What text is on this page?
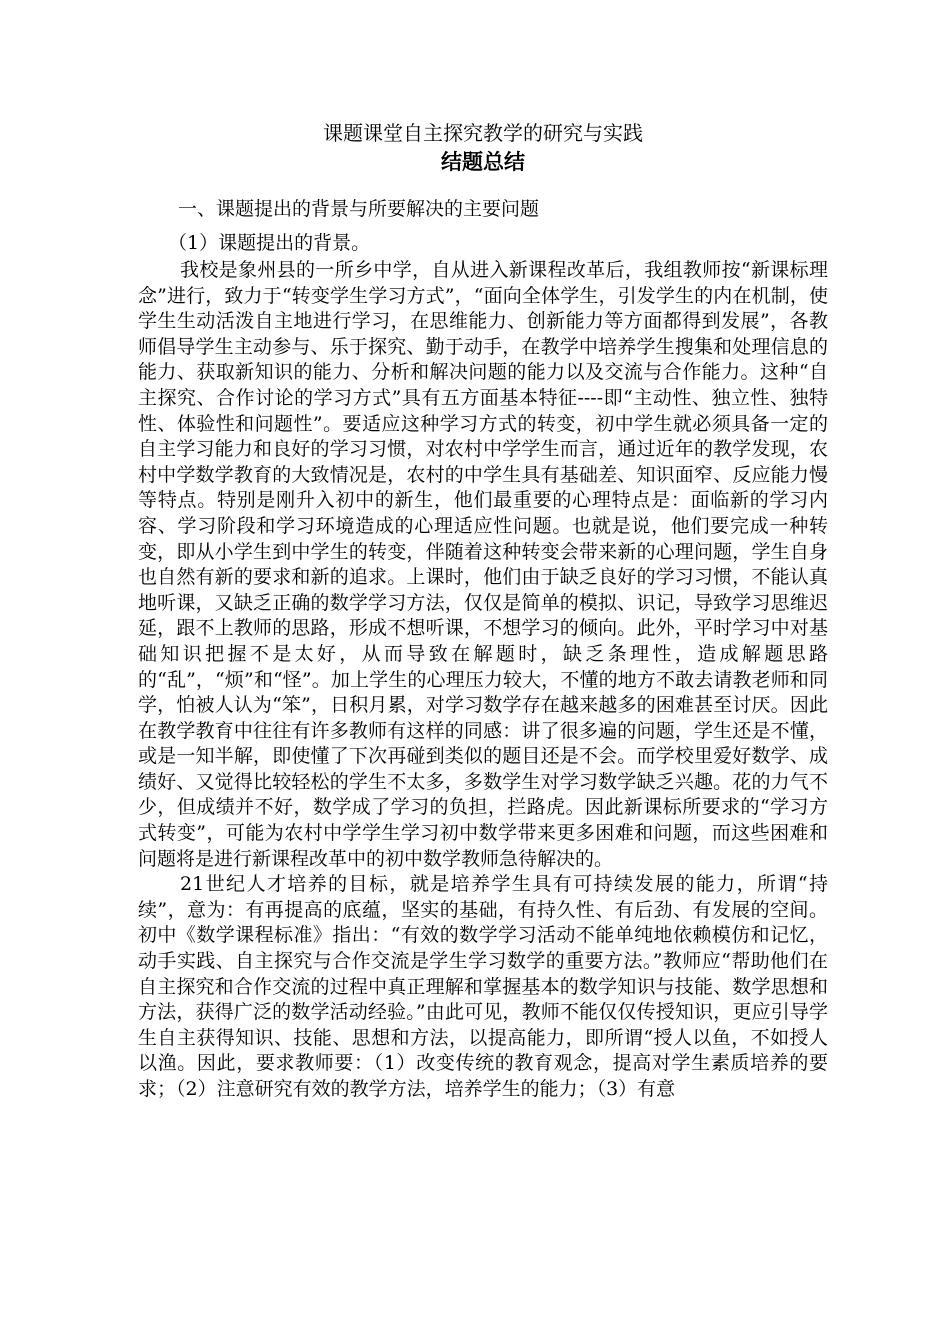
课题课堂自主探究教学的研究与实践
结题总结
一、课题提出的背景与所要解决的主要问题
（1）课题提出的背景。

我校是象州县的一所乡中学，自从进入新课程改革后，我组教师按“新课标理念”进行，致力于“转变学生学习方式”，“面向全体学生，引发学生的内在机制，使学生生动活泼自主地进行学习，在思维能力、创新能力等方面都得到发展”，各教师倡导学生主动参与、乐于探究、勤于动手，在教学中培养学生搜集和处理信息的能力、获取新知识的能力、分析和解决问题的能力以及交流与合作能力。这种“自主探究、合作讨论的学习方式”具有五方面基本特征----即“主动性、独立性、独特性、体验性和问题性”。要适应这种学习方式的转变，初中学生就必须具备一定的自主学习能力和良好的学习习惯，对农村中学学生而言，通过近年的教学发现，农村中学数学教育的大致情况是，农村的中学生具有基础差、知识面窄、反应能力慢等特点。特别是刚升入初中的新生，他们最重要的心理特点是：面临新的学习内容、学习阶段和学习环境造成的心理适应性问题。也就是说，他们要完成一种转变，即从小学生到中学生的转变，伴随着这种转变会带来新的心理问题，学生自身也自然有新的要求和新的追求。上课时，他们由于缺乏良好的学习习惯，不能认真地听课，又缺乏正确的数学学习方法，仅仅是简单的模拟、识记，导致学习思维迟延，跟不上教师的思路，形成不想听课，不想学习的倾向。此外，平时学习中对基础知识把握不是太好，从而导致在解题时，缺乏条理性，造成解题思路的“乱”，“烦”和“怪”。加上学生的心理压力较大，不懂的地方不敢去请教老师和同学，怕被人认为“笨”，日积月累，对学习数学存在越来越多的困难甚至讨厌。因此在教学教育中往往有许多教师有这样的同感：讲了很多遍的问题，学生还是不懂，或是一知半解，即使懂了下次再碰到类似的题目还是不会。而学校里爱好数学、成绩好、又觉得比较轻松的学生不太多，多数学生对学习数学缺乏兴趣。花的力气不少，但成绩并不好，数学成了学习的负担，拦路虎。因此新课标所要求的“学习方式转变”，可能为农村中学学生学习初中数学带来更多困难和问题，而这些困难和问题将是进行新课程改革中的初中数学教师急待解决的。

21世纪人才培养的目标，就是培养学生具有可持续发展的能力，所谓“持续”，意为：有再提高的底蕴，坚实的基础，有持久性、有后劲、有发展的空间。初中《数学课程标准》指出：“有效的数学学习活动不能单纯地依赖模仿和记忆，动手实践、自主探究与合作交流是学生学习数学的重要方法。”教师应“帮助他们在自主探究和合作交流的过程中真正理解和掌握基本的数学知识与技能、数学思想和方法，获得广泛的数学活动经验。”由此可见，教师不能仅仅传授知识，更应引导学生自主获得知识、技能、思想和方法，以提高能力，即所谓“授人以鱼，不如授人以渔。因此，要求教师要：（1）改变传统的教育观念，提高对学生素质培养的要求；（2）注意研究有效的教学方法，培养学生的能力；（3）有意
